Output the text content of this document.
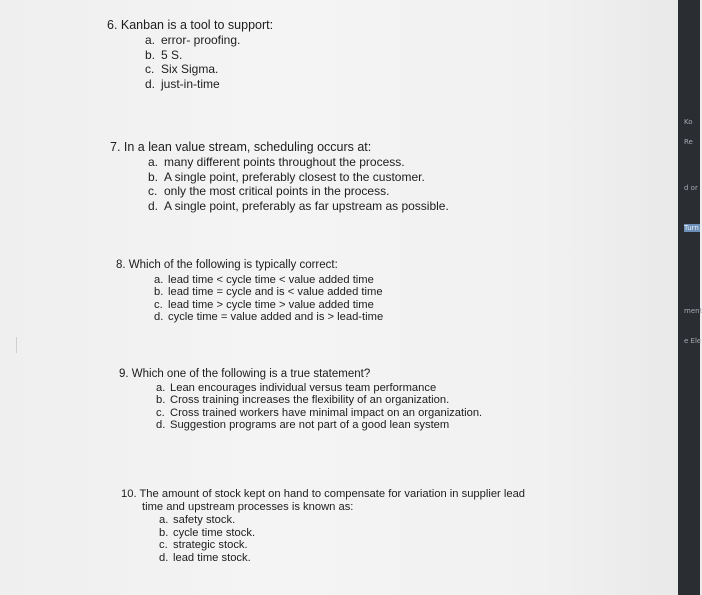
6. Kanban is a tool to support:
a. error- proofing.
b. 5 S.
c. Six Sigma.
d. just-in-time
7. In a lean value stream, scheduling occurs at:
a. many different points throughout the process.
b. A single point, preferably closest to the customer.
c. only the most critical points in the process.
d. A single point, preferably as far upstream as possible.
8. Which of the following is typically correct:
a. lead time < cycle time < value added time
b. lead time = cycle and is < value added time
c. lead time > cycle time > value added time
d. cycle time = value added and is > lead-time
9. Which one of the following is a true statement?
a. Lean encourages individual versus team performance
b. Cross training increases the flexibility of an organization.
c. Cross trained workers have minimal impact on an organization.
d. Suggestion programs are not part of a good lean system
10. The amount of stock kept on hand to compensate for variation in supplier lead
time and upstream processes is known as:
a. safety stock.
b. cycle time stock.
c. strategic stock.
d. lead time stock.
Ko
Re
d or
Turn
ment
e Ele
